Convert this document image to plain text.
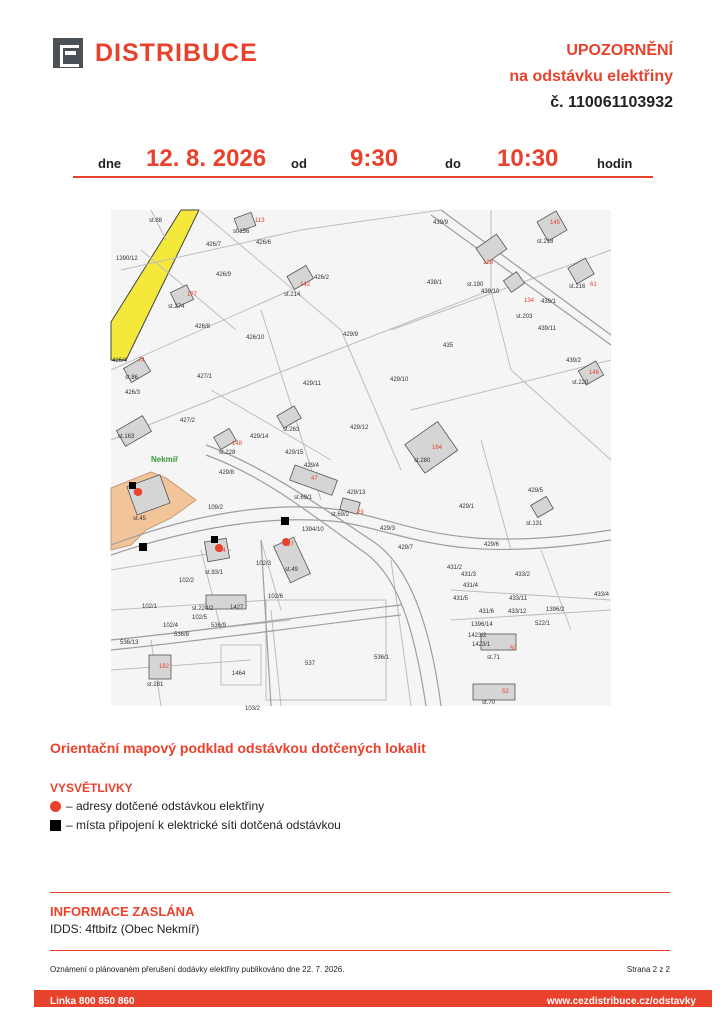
DISTRIBUCE	UPOZORNĚNÍ
na odstávku elektřiny
č. 110061103932
dne 12. 8. 2026 od 9:30	do 10:30	hodin
Nekmíř
st.88
st.156
113
426/6
426/7
1390/12
426/9	426/2
142
st.214
177
st.274
426/8
426/10	429/9
426/4 74
st.86
426/3
427/1
429/11
429/10
427/2
st.163
st.263
429/14
148
st.228	429/15
429/12
429/8
429/4
47
st.69/1
429/13
st.69/2 29
429/3
114
st.45
109/2
1394/10
429/7	429/6
64
st.93/1
37
st.49
102/3
102/2
102/6
102/1	st.224/2
102/5
1427
102/4
536/8
536/9
536/13
182
st.281
1464
537
536/1
103/2
439/9	145
st.218
128
st.190
438/1
439/10
134
st.203
61
st.216
439/1
439/11
435
439/2
146
st.220
164
st.280
429/1
429/5
st.131
431/2
431/3	433/2
431/4
433/4
431/5	433/11
431/6 433/12	1396/2
1396/14	522/1
1423/2
1423/1
50
st.71
52
st.70
Orientační mapový podklad odstávkou dotčených lokalit
VYSVĚTLIVKY
– adresy dotčené odstávkou elektřiny
– místa připojení k elektrické síti dotčená odstávkou
INFORMACE ZASLÁNA
IDDS: 4ftbifz (Obec Nekmíř)
Oznámení o plánovaném přerušení dodávky elektřiny publikováno dne 22. 7. 2026.	Strana 2 z 2
Linka 800 850 860	www.cezdistribuce.cz/odstavky
